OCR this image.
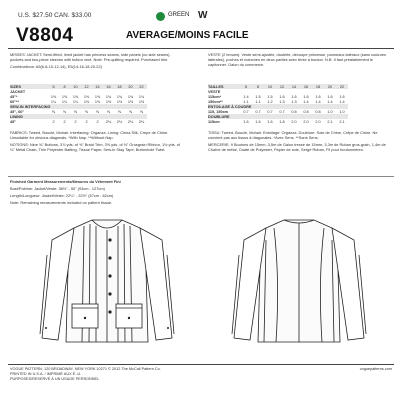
U.S. $27.50 CAN. $33.00	GREEN W
V8804	AVERAGE/MOINS FACILE

MISSES' JACKET: Semi-fitted, lined jacket has princess seams, side panels (no side seams), pockets and two-piece sleeves with button vent. Note: Pre-quilting required. Purchased trim.

Combinations: A5(6-8-10-12-14), E5(14-16-18-20-22)

SIZES	6	8	10	12	14	16	18	20	22
JACKET
45"*	1⅝	1⅝	1⅝	1⅝	1⅝	1¾	1¾	1¾	1¾
60"**	1¼	1¼	1¼	1⅜	1⅜	1½	1½	1½	1½
SEW-IN INTERFACING
45", 60"	⅝	⅝	⅝	⅝	⅝	⅝	⅝	⅝	⅝
LINING
45"	2	2	2	2	2	2⅛	2⅛	2⅛	2⅛

FABRICS: Tweed, Bouclé, Mohair. Interfacing: Organza. Lining: China Silk, Crepe de Chine. Unsuitable for obvious diagonals. *With Nap. **Without Nap.

NOTIONS: Nine ⅝" Buttons, 3⅞ yds. of ⅝" Braid Trim, 3⅝ yds. of ⅝" Grosgrain Ribbon, 1½ yds. of ⅛" Metal Chain, Thin Polyester Batting, Tissue Paper, Sew-in Stay Tape, Buttonhole Twist.

Finished Garment Measurements/Mesures du Vêtement Fini

Bust/Poitrine: Jacket/Veste: 36½" - 50" (93cm - 127cm)

Length/Longueur: Jacket/Veste: 22¼" - 22½" (57cm - 62cm)

Note: Remaining measurements included on pattern tissue.

VESTE (2 tenues): Veste semi-ajustée, doublée, découpe princesse, panneaux latéraux (sans coutures latérales), poches et manches en deux parties avec fente à bouton. N.B. Il faut préalablement le capitonner. Galon du commerce.

TAILLES	6	8	10	12	14	16	18	20	22
VESTE
115cm*	1.4	1.5	1.5	1.6	1.6	1.6	1.6	1.6	1.6
150cm**	1.1	1.1	1.2	1.3	1.3	1.4	1.4	1.4	1.4
ENTOILAGE À COUDRE
115, 150cm	0.7	0.7	0.7	0.7	0.8	0.8	0.8	1.0	1.0
DOUBLURE
115cm	1.6	1.6	1.6	1.8	2.0	2.0	2.0	2.1	2.1

TISSU: Tweed, Bouclé, Mohair. Entoilage: Organza. Doublure: Soie de Chine, Crêpe de Chine. Ne convient pas aux tissus à diagonales. *Avec Sens. **Sans Sens.

MERCERIE: 9 Boutons de 15mm, 3,5m de Galon tressé de 15mm, 3,3m de Ruban gros-grain, 1,4m de Chaîne de métal, Ouate de Polyester, Papier de soie, Sergé Ruban, Fil pour boutonnières.

VOGUE PATTERN, 120 BROADWAY, NEW YORK 10271 © 2012 The McCall Pattern Co.	voguepatterns.com
PRINTED IN U.S.A. / IMPRIMÉ AUX É.-U.
PURPOSES/RESERVÉ À UN USAGE PERSONNEL
